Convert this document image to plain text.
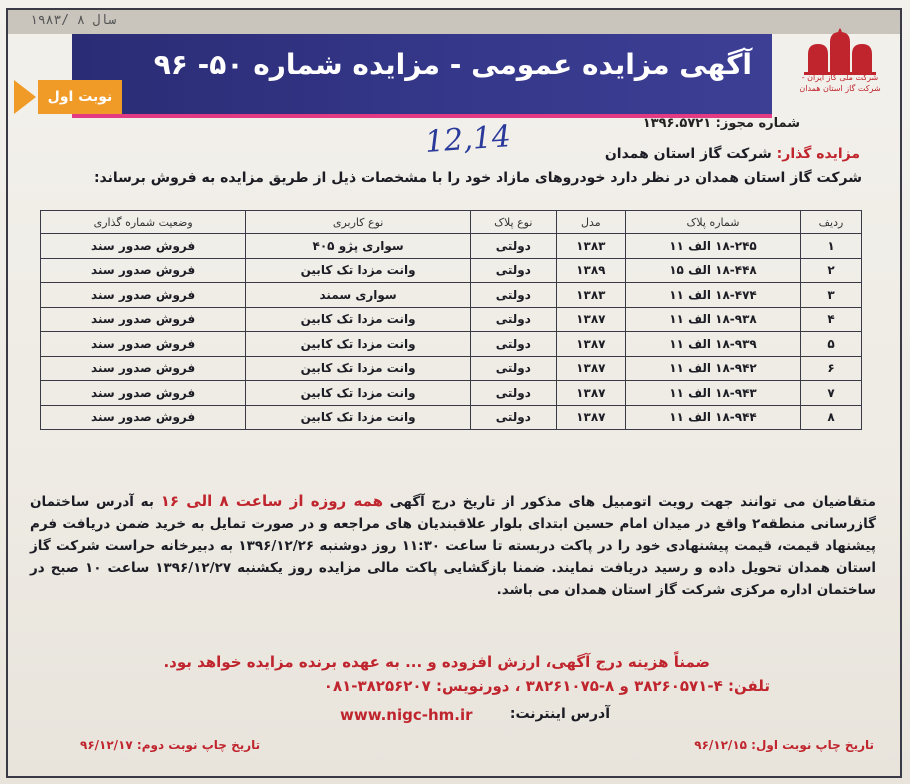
۱۹۸۳/ ۸ سال
آگهی مزایده عمومی - مزایده شماره ۵۰- ۹۶
نوبت اول
شرکت ملی گاز ایران - شرکت گاز استان همدان
شماره مجوز: ۱۳۹۶.۵۷۲۱
12,14	مزایده گذار: شرکت گاز استان همدان
شرکت گاز استان همدان در نظر دارد خودروهای مازاد خود را با مشخصات ذیل از طریق مزایده به فروش برساند:
ردیف	شماره پلاک	مدل	نوع پلاک	نوع کاربری	وضعیت شماره گذاری
۱	۱۸-۲۴۵ الف ۱۱	۱۳۸۳	دولتی	سواری پژو ۴۰۵	فروش صدور سند
۲	۱۸-۴۴۸ الف ۱۵	۱۳۸۹	دولتی	وانت مزدا تک کابین	فروش صدور سند
۳	۱۸-۴۷۴ الف ۱۱	۱۳۸۳	دولتی	سواری سمند	فروش صدور سند
۴	۱۸-۹۳۸ الف ۱۱	۱۳۸۷	دولتی	وانت مزدا تک کابین	فروش صدور سند
۵	۱۸-۹۳۹ الف ۱۱	۱۳۸۷	دولتی	وانت مزدا تک کابین	فروش صدور سند
۶	۱۸-۹۴۲ الف ۱۱	۱۳۸۷	دولتی	وانت مزدا تک کابین	فروش صدور سند
۷	۱۸-۹۴۳ الف ۱۱	۱۳۸۷	دولتی	وانت مزدا تک کابین	فروش صدور سند
۸	۱۸-۹۴۴ الف ۱۱	۱۳۸۷	دولتی	وانت مزدا تک کابین	فروش صدور سند
متقاضیان می توانند جهت رویت اتومبیل های مذکور از تاریخ درج آگهی همه روزه از ساعت ۸ الی ۱۶ به آدرس ساختمان گازرسانی منطقه۲ واقع در میدان امام حسین ابتدای بلوار علاقبندیان های مراجعه و در صورت تمایل به خرید ضمن دریافت فرم پیشنهاد قیمت، قیمت پیشنهادی خود را در پاکت دربسته تا ساعت ۱۱:۳۰ روز دوشنبه ۱۳۹۶/۱۲/۲۶ به دبیرخانه حراست شرکت گاز استان همدان تحویل داده و رسید دریافت نمایند. ضمنا بازگشایی پاکت مالی مزایده روز یکشنبه ۱۳۹۶/۱۲/۲۷ ساعت ۱۰ صبح در ساختمان اداره مرکزی شرکت گاز استان همدان می باشد.
ضمناً هزینه درج آگهی، ارزش افزوده و ... به عهده برنده مزایده خواهد بود.
تلفن: ۴-۳۸۲۶۰۵۷۱ و ۸-۳۸۲۶۱۰۷۵ ، دورنویس: ۳۸۲۵۶۲۰۷-۰۸۱
آدرس اینترنت:
www.nigc-hm.ir
تاریخ چاپ نوبت اول: ۹۶/۱۲/۱۵
تاریخ چاپ نوبت دوم: ۹۶/۱۲/۱۷
